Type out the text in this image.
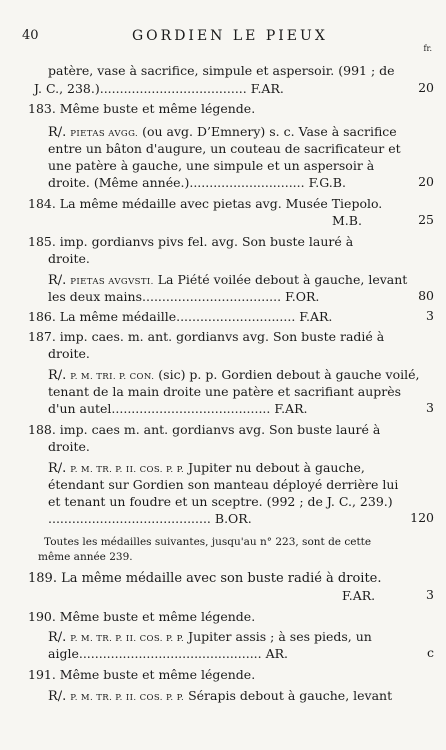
40	GORDIEN LE PIEUX
fr.
patère, vase à sacrifice, simpule et aspersoir. (991 ; de
J. C., 238.)..................................... F.AR.	20
183. Même buste et même légende.
R/. PIETAS AVGG. (ou avg. D’Emnery) s. c. Vase à sacrifice
entre un bâton d'augure, un couteau de sacrificateur et
une patère à gauche, une simpule et un aspersoir à
droite. (Même année.)............................. F.G.B.	20
184. La même médaille avec pietas avg. Musée Tiepolo.
M.B.	25
185. imp. gordianvs pivs fel. avg. Son buste lauré à
droite.
R/. PIETAS AVGVSTI. La Piété voilée debout à gauche, levant
les deux mains................................... F.OR.	80
186. La même médaille.............................. F.AR.	3
187. imp. caes. m. ant. gordianvs avg. Son buste radié à
droite.
R/. P. M. TRI. P. CON. (sic) p. p. Gordien debout à gauche voilé,
tenant de la main droite une patère et sacrifiant auprès
d'un autel........................................ F.AR.	3
188. imp. caes m. ant. gordianvs avg. Son buste lauré à
droite.
R/. P. M. TR. P. II. COS. P. P. Jupiter nu debout à gauche,
étendant sur Gordien son manteau déployé derrière lui
et tenant un foudre et un sceptre. (992 ; de J. C., 239.)
......................................... B.OR.	120
Toutes les médailles suivantes, jusqu'au n° 223, sont de cette
même année 239.
189. La même médaille avec son buste radié à droite.
F.AR.	3
190. Même buste et même légende.
R/. P. M. TR. P. II. COS. P. P. Jupiter assis ; à ses pieds, un
aigle.............................................. AR.	c
191. Même buste et même légende.
R/. P. M. TR. P. II. COS. P. P. Sérapis debout à gauche, levant
